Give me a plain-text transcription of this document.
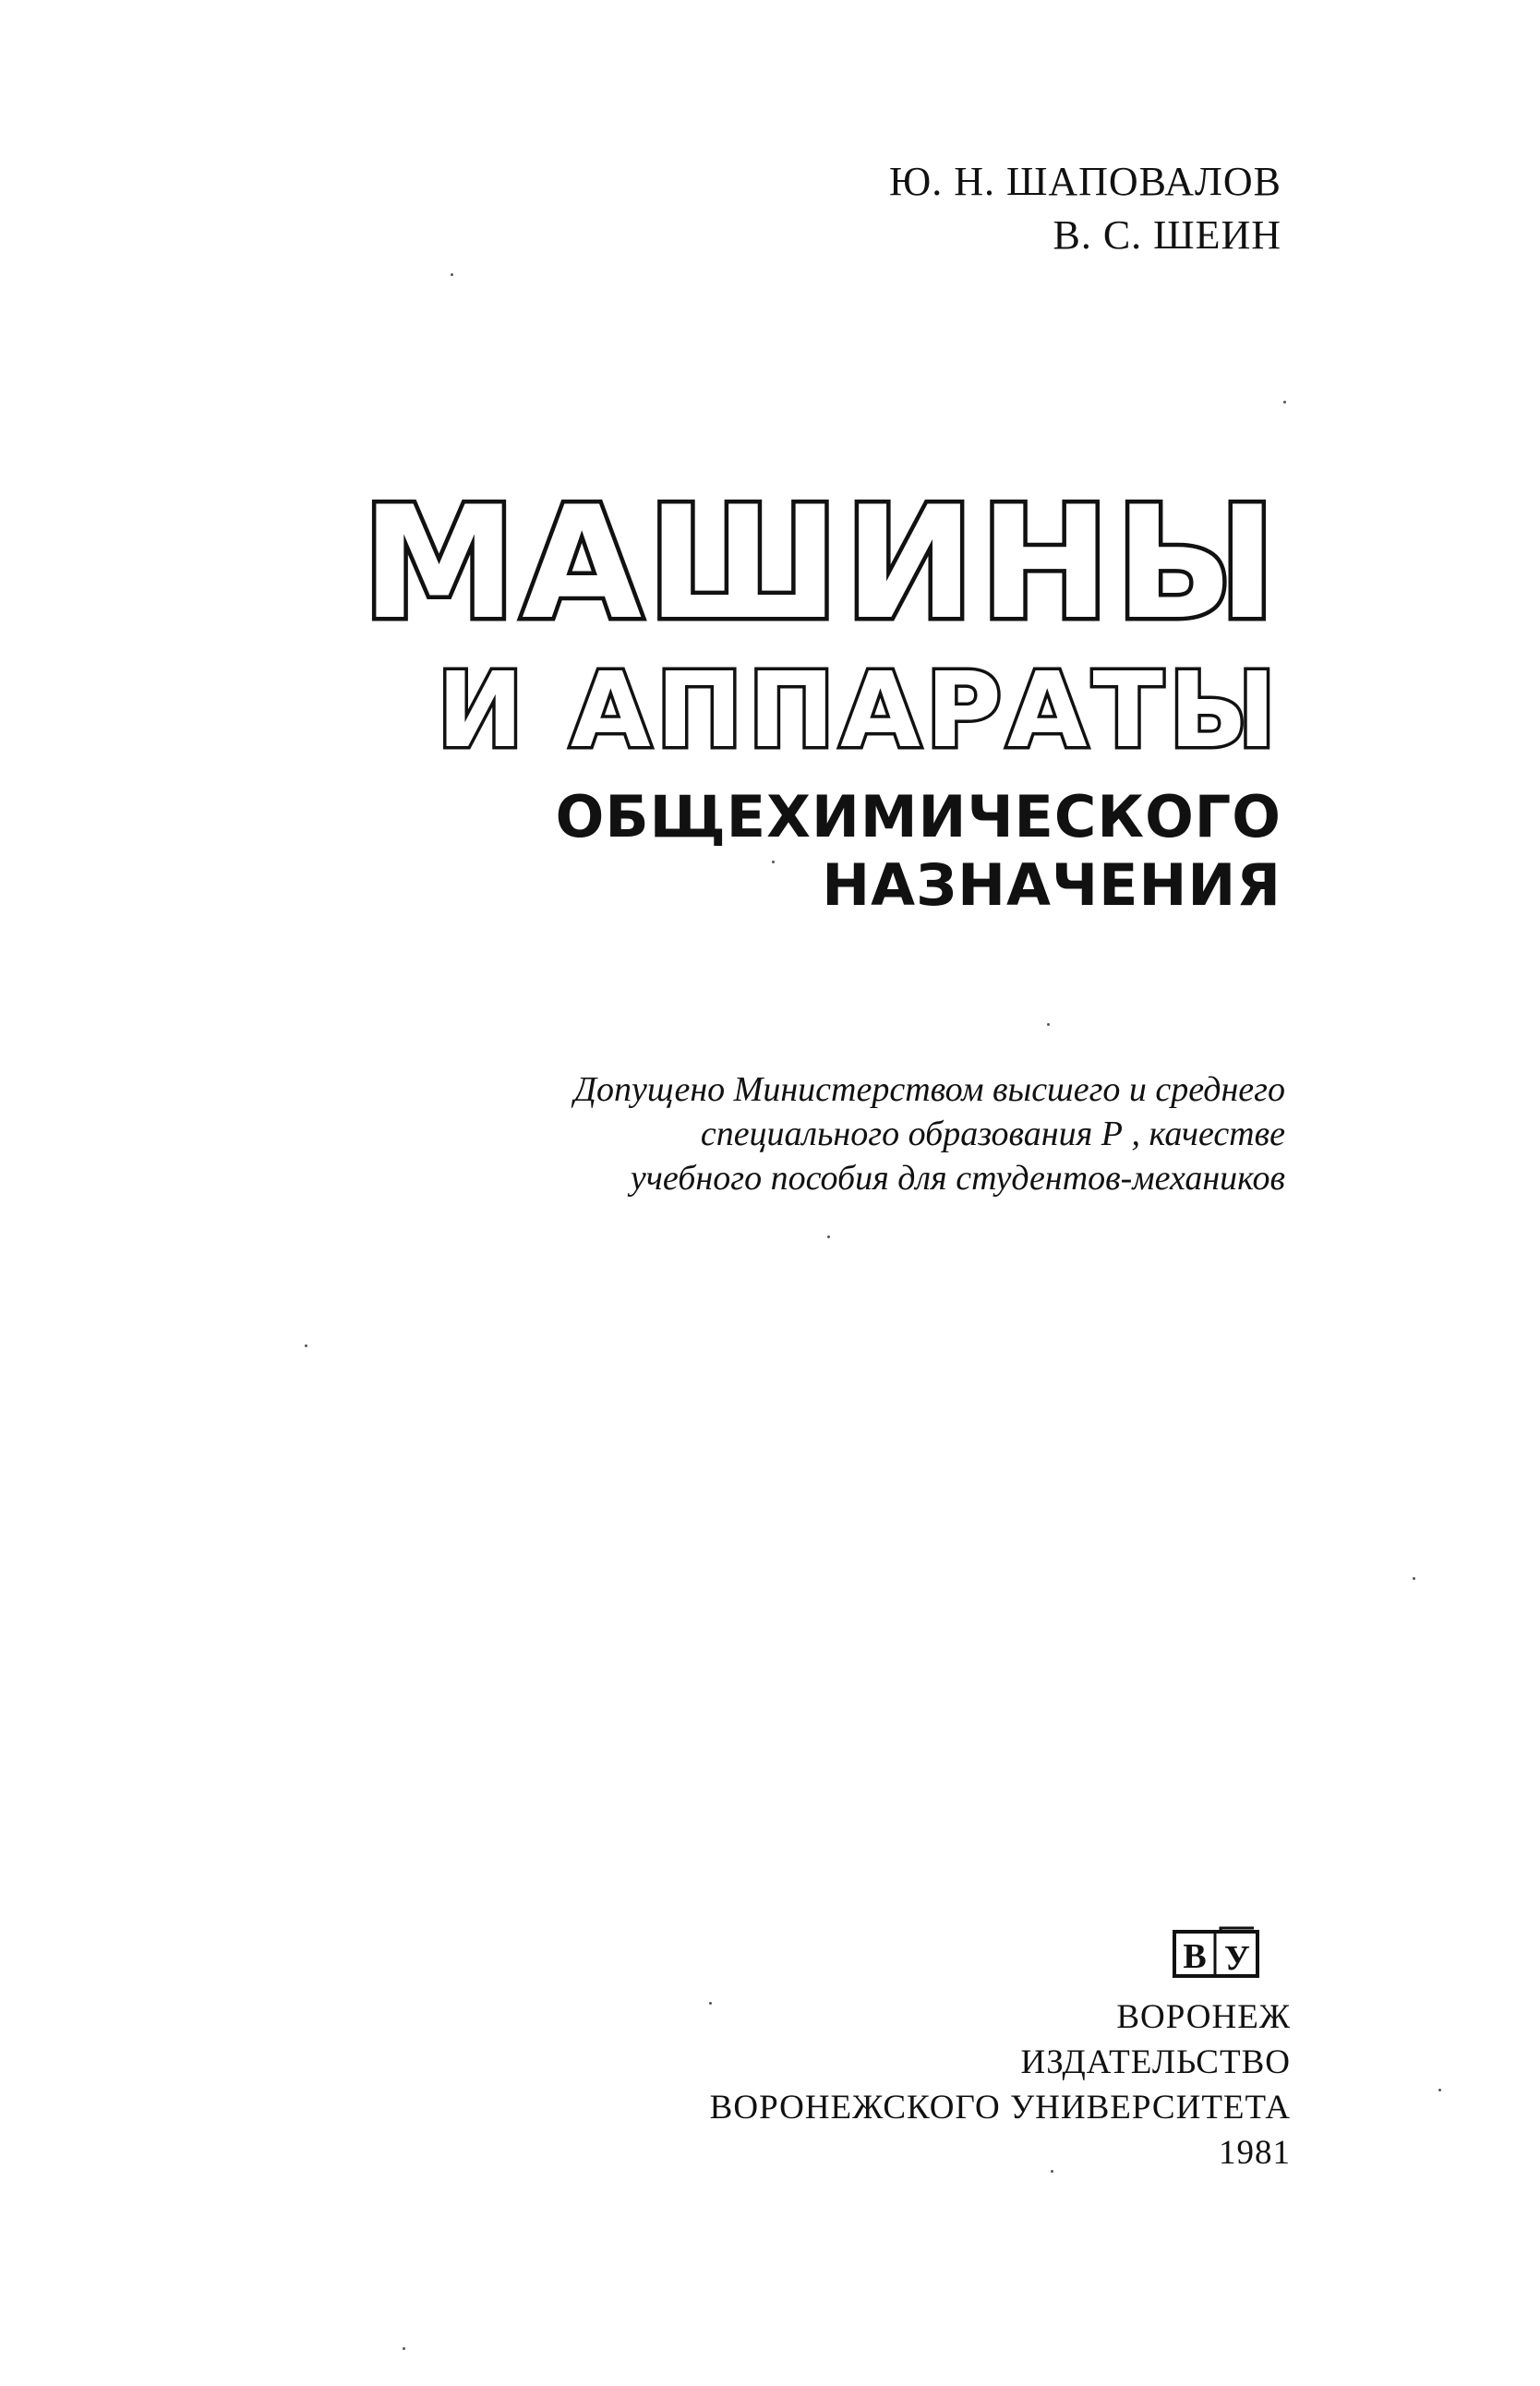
Ю. Н. ШАПОВАЛОВ
В. С. ШЕИН
МАШИНЫ
И АППАРАТЫ
ОБЩЕХИМИЧЕСКОГО
НАЗНАЧЕНИЯ
Допущено Министерством высшего и среднего
специального образования Р , качестве
учебного пособия для студентов-механиков
В У
ВОРОНЕЖ
ИЗДАТЕЛЬСТВО
ВОРОНЕЖСКОГО УНИВЕРСИТЕТА
1981
